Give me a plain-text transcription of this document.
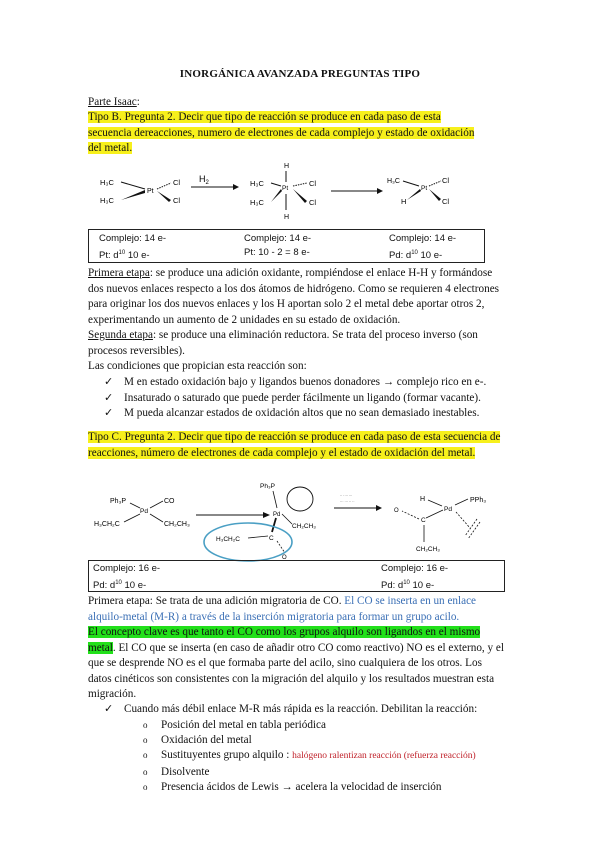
INORGÁNICA AVANZADA PREGUNTAS TIPO
Parte Isaac:
Tipo B. Pregunta 2. Decir que tipo de reacción se produce en cada paso de esta
secuencia dereacciones, numero de electrones de cada complejo y estado de oxidación
del metal.
H₃C
H₃C
Pt
Cl
Cl
$H_2$
H
H₃C
H₃C
Pt
Cl
Cl
H
H₃C
H
Pt
Cl
Cl
Complejo: 14 e-
Pt: $d^{10}$ 10 e-
Complejo: 14 e-
Pt: 10 - 2 = 8 e-
Complejo: 14 e-
Pd: $d^{10}$ 10 e-
Primera etapa: se produce una adición oxidante, rompiéndose el enlace H-H y formándose
dos nuevos enlaces respecto a los dos átomos de hidrógeno. Como se requieren 4 electrones
para originar los dos nuevos enlaces y los H aportan solo 2 el metal debe aportar otros 2,
experimentando un aumento de 2 unidades en su estado de oxidación.
Segunda etapa: se produce una eliminación reductora. Se trata del proceso inverso (son
procesos reversibles).
Las condiciones que propician esta reacción son:
✓ M en estado oxidación bajo y ligandos buenos donadores → complejo rico en e-.
✓ Insaturado o saturado que puede perder fácilmente un ligando (formar vacante).
✓ M pueda alcanzar estados de oxidación altos que no sean demasiado inestables.
Tipo C. Pregunta 2. Decir que tipo de reacción se produce en cada paso de esta secuencia de
reacciones, número de electrones de cada complejo y el estado de oxidación del metal.
Ph₃P
Pd
CO
H₃CH₂C	CH₂CH₃
Ph₃P
Pd
CH₂CH₃
H₃CH₂C	C
O
·· ···· ···
··· ··· ·· ··	H
Pd
PPh₃
C
O
CH₂CH₃
Complejo: 16 e-
Pd: $d^{10}$ 10 e-
Complejo: 16 e-
Pd: $d^{10}$ 10 e-
Primera etapa: Se trata de una adición migratoria de CO. El CO se inserta en un enlace
alquilo-metal (M-R) a través de la inserción migratoria para formar un grupo acilo.
El concepto clave es que tanto el CO como los grupos alquilo son ligandos en el mismo
metal. El CO que se inserta (en caso de añadir otro CO como reactivo) NO es el externo, y el
que se desprende NO es el que formaba parte del acilo, sino cualquiera de los otros. Los
datos cinéticos son consistentes con la migración del alquilo y los resultados muestran esta
migración.
✓ Cuando más débil enlace M-R más rápida es la reacción. Debilitan la reacción:
o Posición del metal en tabla periódica
o Oxidación del metal
o Sustituyentes grupo alquilo : halógeno ralentizan reacción (refuerza reacción)
o Disolvente
o Presencia ácidos de Lewis → acelera la velocidad de inserción
